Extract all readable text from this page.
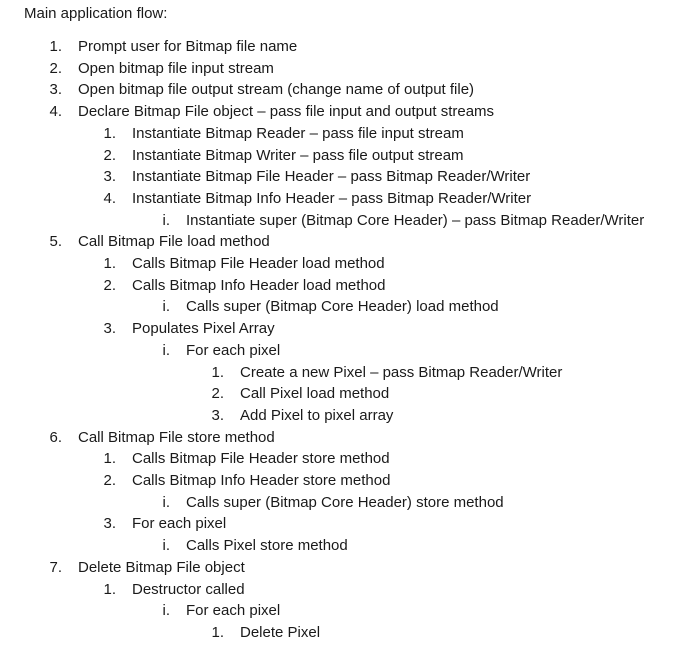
Main application flow:
1. Prompt user for Bitmap file name
2. Open bitmap file input stream
3. Open bitmap file output stream (change name of output file)
4. Declare Bitmap File object – pass file input and output streams
1. Instantiate Bitmap Reader – pass file input stream
2. Instantiate Bitmap Writer – pass file output stream
3. Instantiate Bitmap File Header – pass Bitmap Reader/Writer
4. Instantiate Bitmap Info Header – pass Bitmap Reader/Writer
i. Instantiate super (Bitmap Core Header) – pass Bitmap Reader/Writer
5. Call Bitmap File load method
1. Calls Bitmap File Header load method
2. Calls Bitmap Info Header load method
i. Calls super (Bitmap Core Header) load method
3. Populates Pixel Array
i. For each pixel
1. Create a new Pixel – pass Bitmap Reader/Writer
2. Call Pixel load method
3. Add Pixel to pixel array
6. Call Bitmap File store method
1. Calls Bitmap File Header store method
2. Calls Bitmap Info Header store method
i. Calls super (Bitmap Core Header) store method
3. For each pixel
i. Calls Pixel store method
7. Delete Bitmap File object
1. Destructor called
i. For each pixel
1. Delete Pixel
